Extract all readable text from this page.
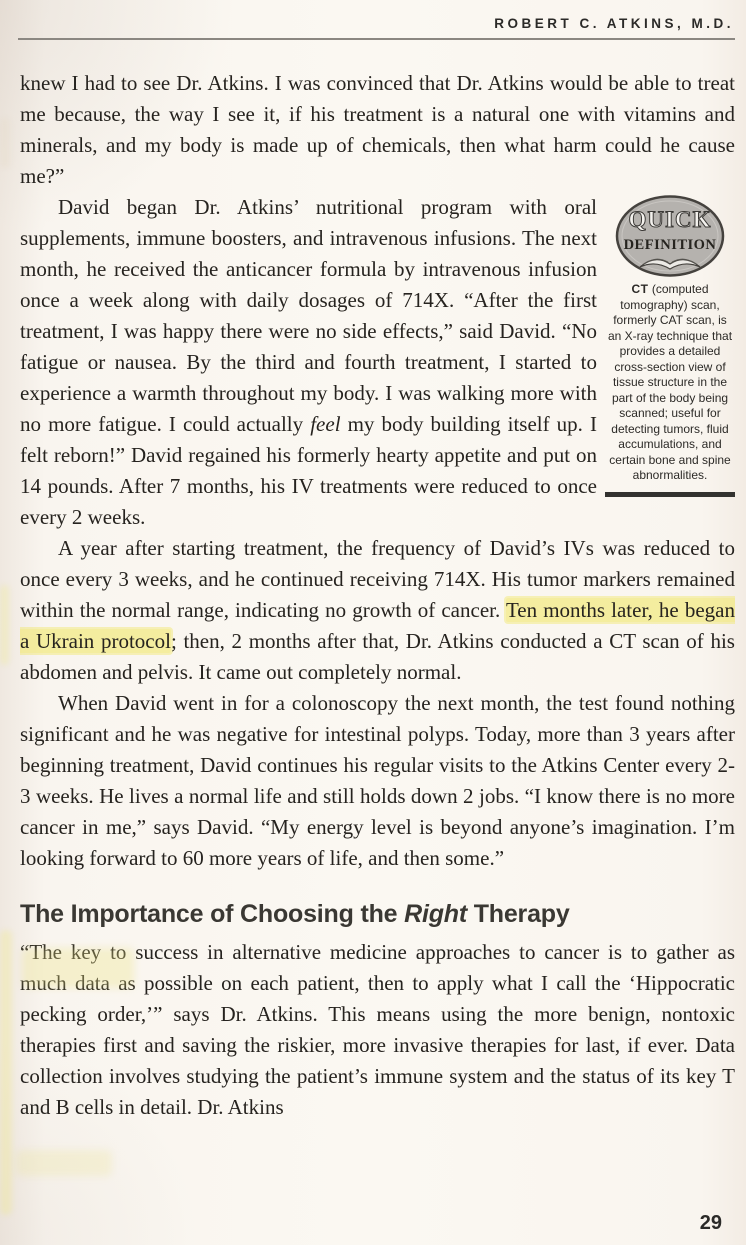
ROBERT C. ATKINS, M.D.

knew I had to see Dr. Atkins. I was convinced that Dr. Atkins would be able to treat me because, the way I see it, if his treatment is a natural one with vitamins and minerals, and my body is made up of chemicals, then what harm could he cause me?”

QUICK
DEFINITION
CT (computed tomography) scan, formerly CAT scan, is an X-ray technique that provides a detailed cross-section view of tissue structure in the part of the body being scanned; useful for detecting tumors, fluid accumulations, and certain bone and spine abnormalities.

David began Dr. Atkins’ nutritional program with oral supplements, immune boosters, and intravenous infusions. The next month, he received the anticancer formula by intravenous infusion once a week along with daily dosages of 714X. “After the first treatment, I was happy there were no side effects,” said David. “No fatigue or nausea. By the third and fourth treatment, I started to experience a warmth throughout my body. I was walking more with no more fatigue. I could actually feel my body building itself up. I felt reborn!” David regained his formerly hearty appetite and put on 14 pounds. After 7 months, his IV treatments were reduced to once every 2 weeks.

A year after starting treatment, the frequency of David’s IVs was reduced to once every 3 weeks, and he continued receiving 714X. His tumor markers remained within the normal range, indicating no growth of cancer. Ten months later, he began a Ukrain protocol; then, 2 months after that, Dr. Atkins conducted a CT scan of his abdomen and pelvis. It came out completely normal.

When David went in for a colonoscopy the next month, the test found nothing significant and he was negative for intestinal polyps. Today, more than 3 years after beginning treatment, David continues his regular visits to the Atkins Center every 2-3 weeks. He lives a normal life and still holds down 2 jobs. “I know there is no more cancer in me,” says David. “My energy level is beyond anyone’s imagination. I’m looking forward to 60 more years of life, and then some.”

The Importance of Choosing the Right Therapy

“The key to success in alternative medicine approaches to cancer is to gather as much data as possible on each patient, then to apply what I call the ‘Hippocratic pecking order,’” says Dr. Atkins. This means using the more benign, nontoxic therapies first and saving the riskier, more invasive therapies for last, if ever. Data collection involves studying the patient’s immune system and the status of its key T and B cells in detail. Dr. Atkins

29
